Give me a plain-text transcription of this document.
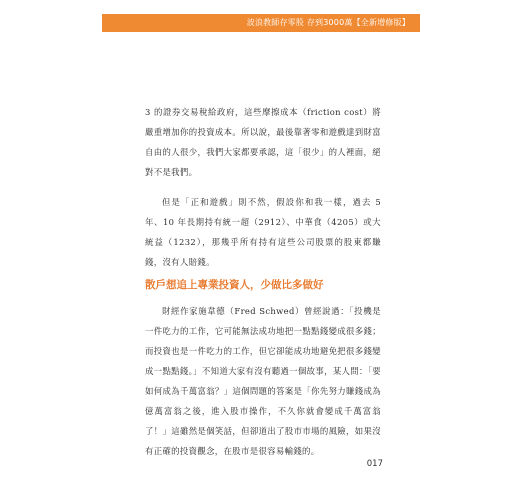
波浪教師存零股 存到3000萬【全新增修版】

3 的證券交易稅給政府，這些摩擦成本（friction cost）將嚴重增加你的投資成本。所以說，最後靠著零和遊戲達到財富自由的人很少，我們大家都要承認，這「很少」的人裡面，絕對不是我們。

但是「正和遊戲」則不然，假設你和我一樣，過去 5 年、10 年長期持有統一超（2912）、中華食（4205）或大統益（1232），那幾乎所有持有這些公司股票的股東都賺錢，沒有人賠錢。

散戶想追上專業投資人，少做比多做好

財經作家施韋德（Fred Schwed）曾經說過：「投機是一件吃力的工作，它可能無法成功地把一點點錢變成很多錢；而投資也是一件吃力的工作，但它卻能成功地避免把很多錢變成一點點錢。」不知道大家有沒有聽過一個故事，某人問：「要如何成為千萬富翁？」這個問題的答案是「你先努力賺錢成為億萬富翁之後，進入股市操作，不久你就會變成千萬富翁了！」這雖然是個笑話，但卻道出了股市市場的風險，如果沒有正確的投資觀念，在股市是很容易輸錢的。

017
